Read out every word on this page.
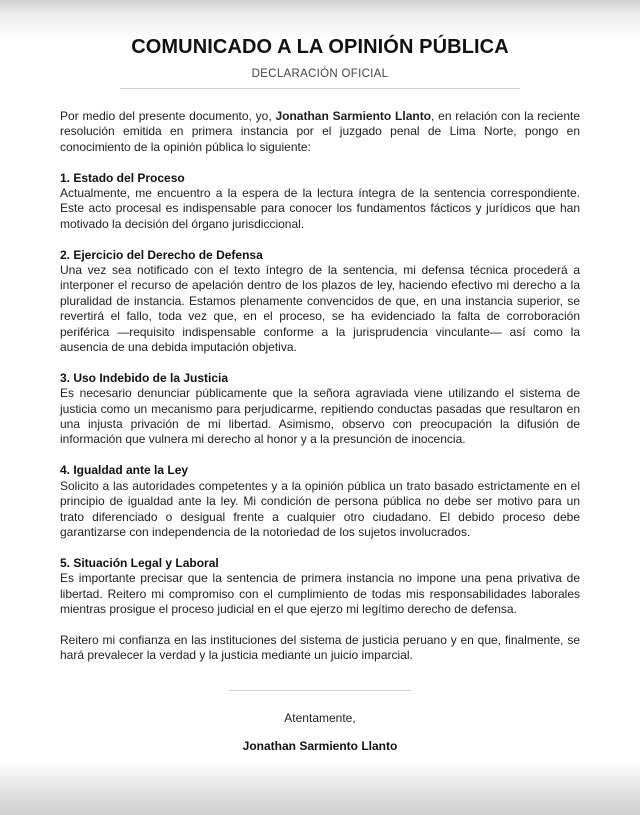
COMUNICADO A LA OPINIÓN PÚBLICA
DECLARACIÓN OFICIAL

Por medio del presente documento, yo, Jonathan Sarmiento Llanto, en relación con la reciente resolución emitida en primera instancia por el juzgado penal de Lima Norte, pongo en conocimiento de la opinión pública lo siguiente:

1. Estado del Proceso

Actualmente, me encuentro a la espera de la lectura íntegra de la sentencia correspondiente. Este acto procesal es indispensable para conocer los fundamentos fácticos y jurídicos que han motivado la decisión del órgano jurisdiccional.

2. Ejercicio del Derecho de Defensa

Una vez sea notificado con el texto íntegro de la sentencia, mi defensa técnica procederá a interponer el recurso de apelación dentro de los plazos de ley, haciendo efectivo mi derecho a la pluralidad de instancia. Estamos plenamente convencidos de que, en una instancia superior, se revertirá el fallo, toda vez que, en el proceso, se ha evidenciado la falta de corroboración periférica —requisito indispensable conforme a la jurisprudencia vinculante— así como la ausencia de una debida imputación objetiva.

3. Uso Indebido de la Justicia

Es necesario denunciar públicamente que la señora agraviada viene utilizando el sistema de justicia como un mecanismo para perjudicarme, repitiendo conductas pasadas que resultaron en una injusta privación de mi libertad. Asimismo, observo con preocupación la difusión de información que vulnera mi derecho al honor y a la presunción de inocencia.

4. Igualdad ante la Ley

Solicito a las autoridades competentes y a la opinión pública un trato basado estrictamente en el principio de igualdad ante la ley. Mi condición de persona pública no debe ser motivo para un trato diferenciado o desigual frente a cualquier otro ciudadano. El debido proceso debe garantizarse con independencia de la notoriedad de los sujetos involucrados.

5. Situación Legal y Laboral

Es importante precisar que la sentencia de primera instancia no impone una pena privativa de libertad. Reitero mi compromiso con el cumplimiento de todas mis responsabilidades laborales mientras prosigue el proceso judicial en el que ejerzo mi legítimo derecho de defensa.

Reitero mi confianza en las instituciones del sistema de justicia peruano y en que, finalmente, se hará prevalecer la verdad y la justicia mediante un juicio imparcial.

Atentamente,
Jonathan Sarmiento Llanto
